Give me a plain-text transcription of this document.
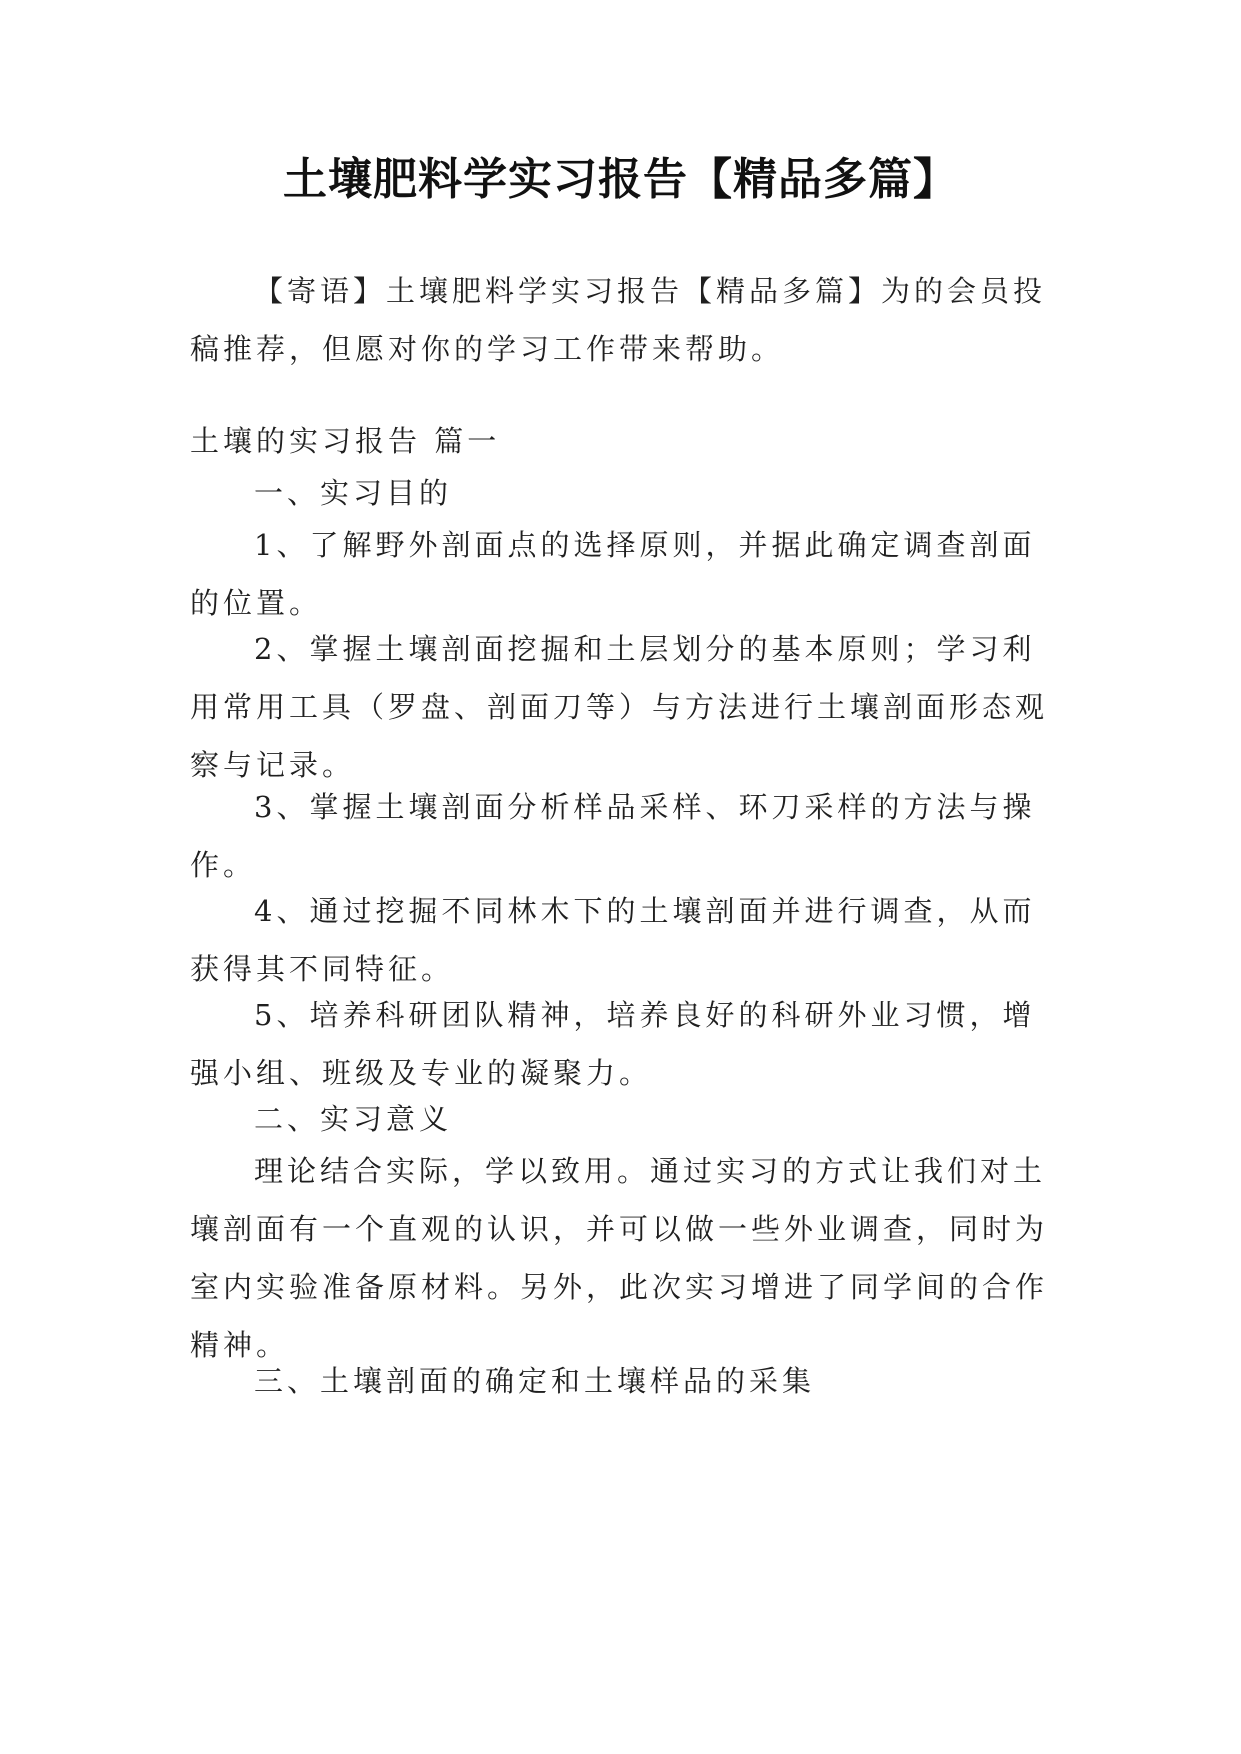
土壤肥料学实习报告【精品多篇】

【寄语】土壤肥料学实习报告【精品多篇】为的会员投稿推荐，但愿对你的学习工作带来帮助。

土壤的实习报告 篇一

一、实习目的

1、了解野外剖面点的选择原则，并据此确定调查剖面的位置。

2、掌握土壤剖面挖掘和土层划分的基本原则；学习利用常用工具（罗盘、剖面刀等）与方法进行土壤剖面形态观察与记录。

3、掌握土壤剖面分析样品采样、环刀采样的方法与操作。

4、通过挖掘不同林木下的土壤剖面并进行调查，从而获得其不同特征。

5、培养科研团队精神，培养良好的科研外业习惯，增强小组、班级及专业的凝聚力。

二、实习意义

理论结合实际，学以致用。通过实习的方式让我们对土壤剖面有一个直观的认识，并可以做一些外业调查，同时为室内实验准备原材料。另外，此次实习增进了同学间的合作精神。

三、土壤剖面的确定和土壤样品的采集
